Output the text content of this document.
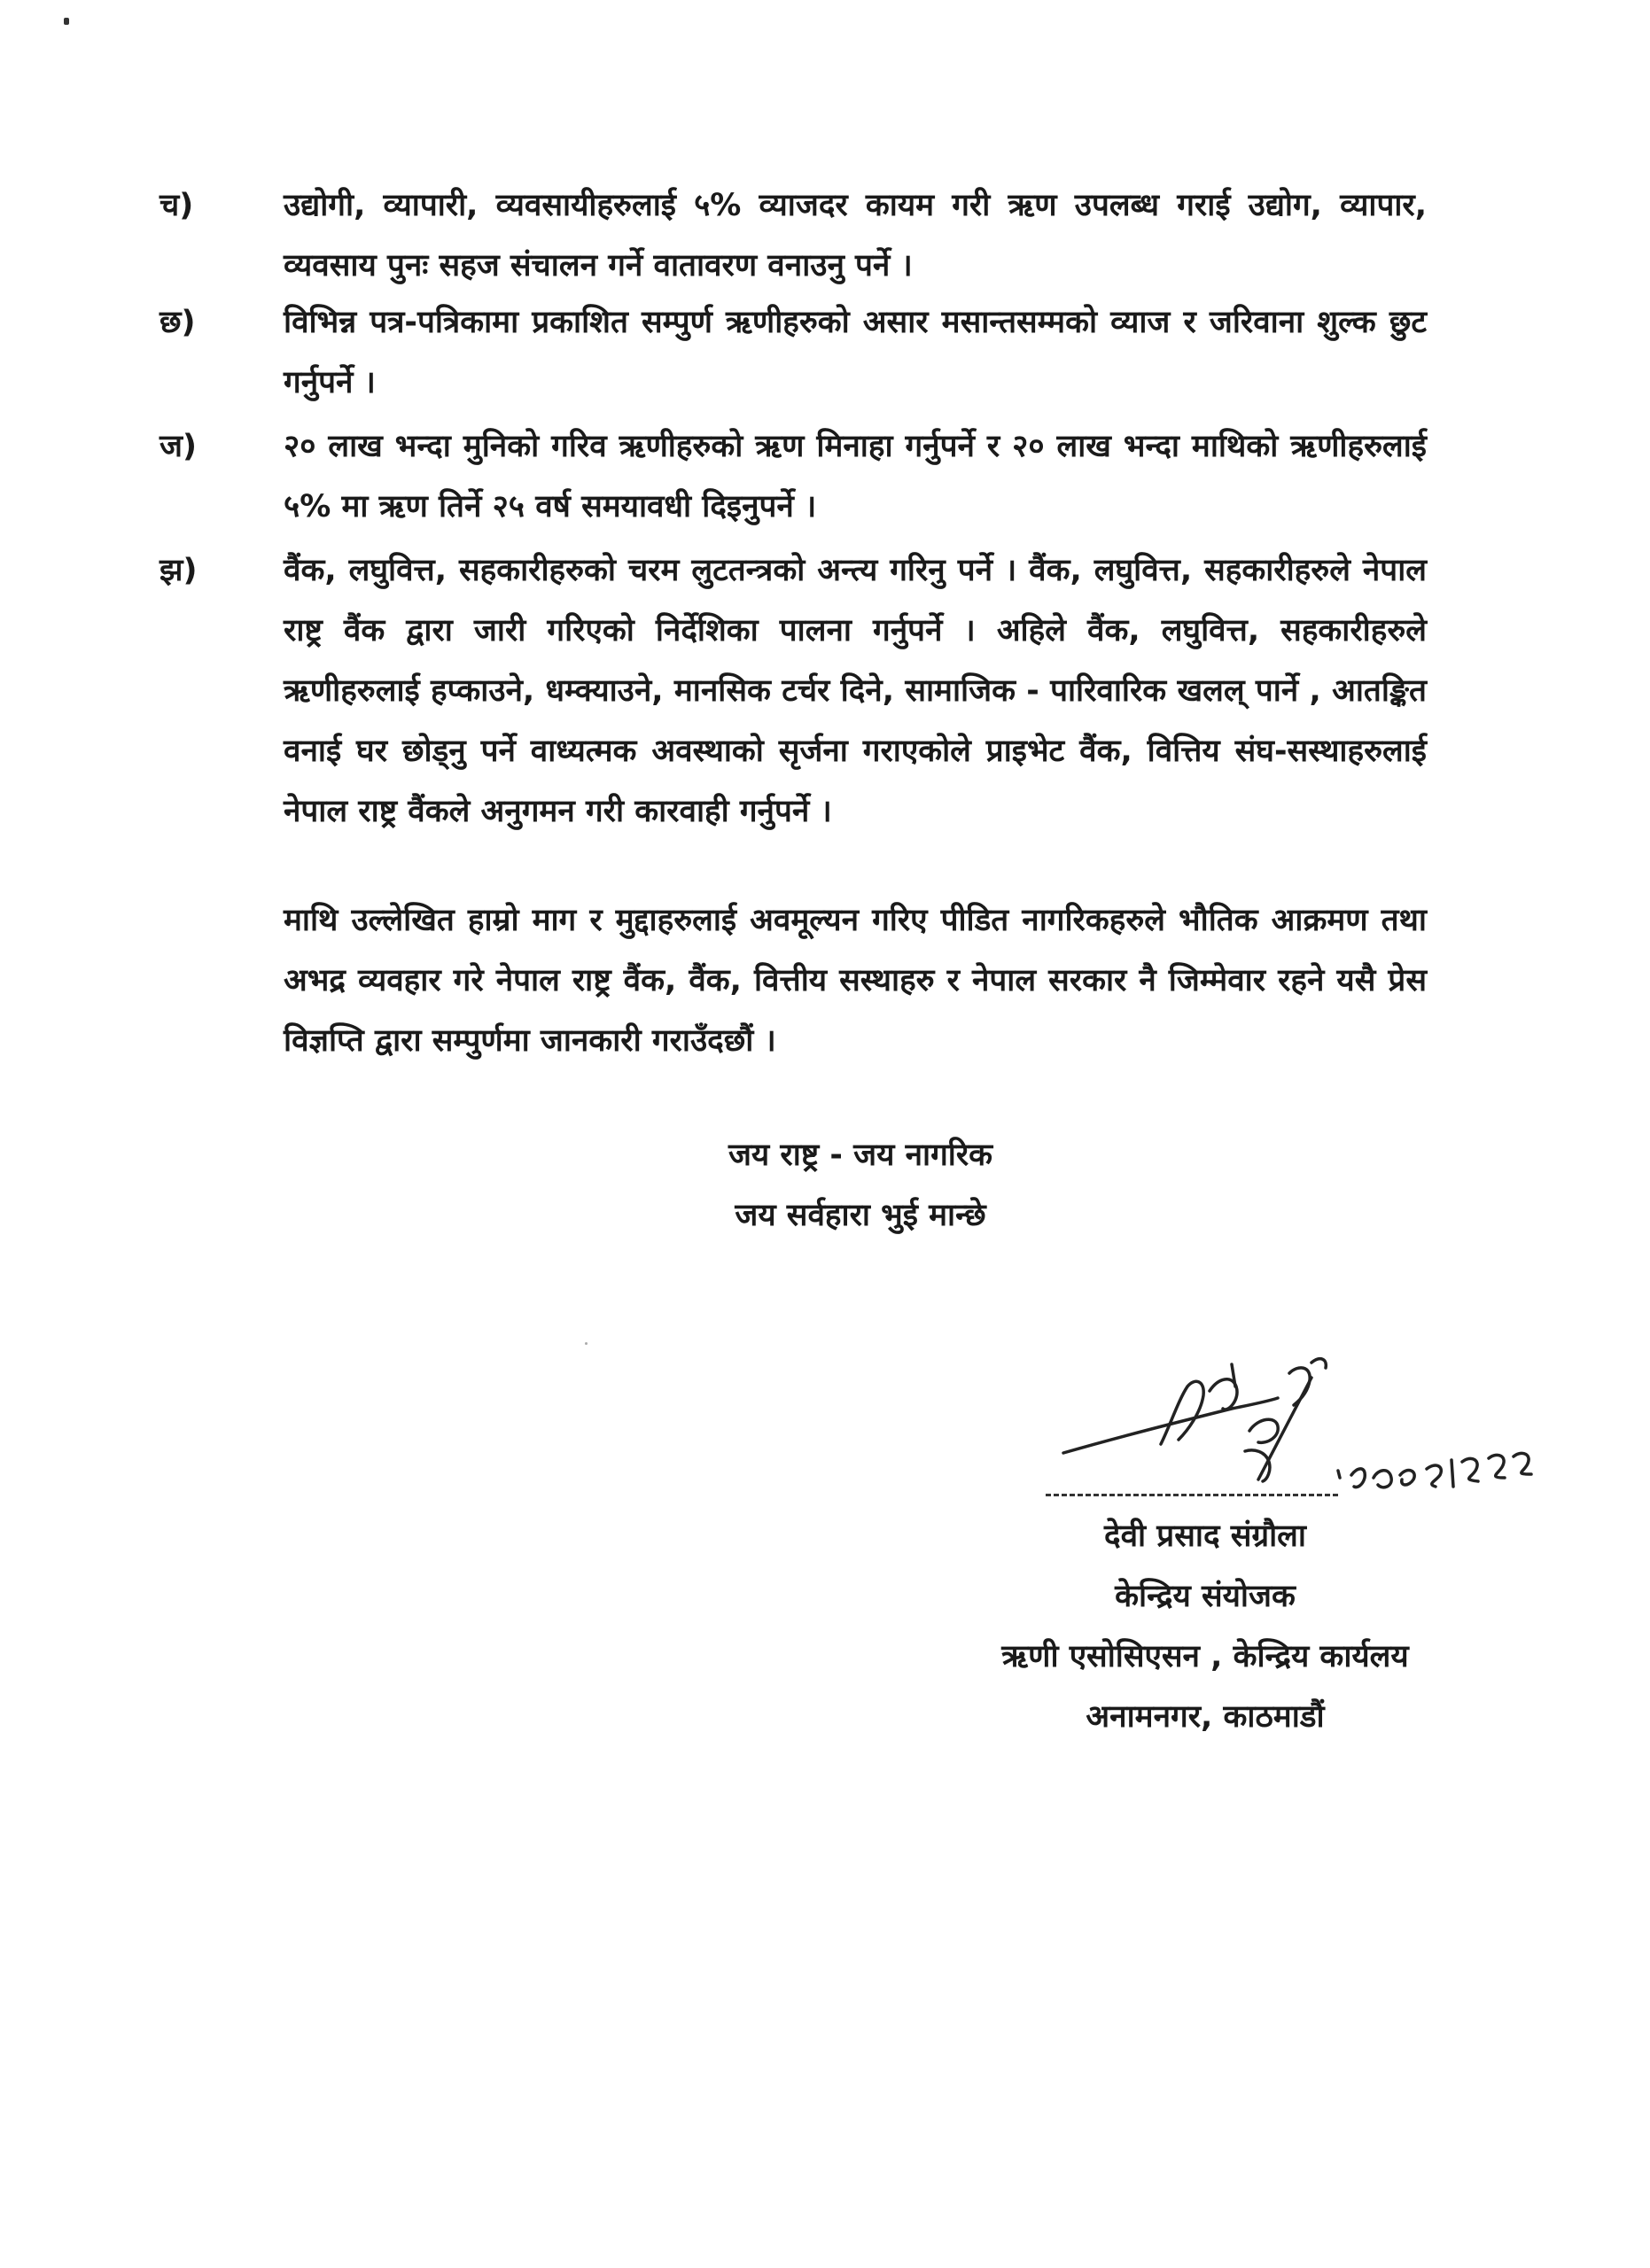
च)	उद्योगी, व्यापारी, व्यवसायीहरुलाई ५% व्याजदर कायम गरी ऋण उपलब्ध गराई उद्योग, व्यापार, व्यवसाय पुनः सहज संचालन गर्ने वातावरण वनाउनु पर्ने ।

छ)	विभिन्न पत्र-पत्रिकामा प्रकाशित सम्पुर्ण ऋणीहरुको असार मसान्तसम्मको व्याज र जरिवाना शुल्क छुट गर्नुपर्ने ।

ज)	२० लाख भन्दा मुनिको गरिव ऋणीहरुको ऋण मिनाहा गर्नुपर्ने र २० लाख भन्दा माथिको ऋणीहरुलाई ५% मा ऋण तिर्ने २५ वर्ष समयावधी दिइनुपर्ने ।

झ)	वैंक, लघुवित्त, सहकारीहरुको चरम लुटतन्त्रको अन्त्य गरिनु पर्ने । वैंक, लघुवित्त, सहकारीहरुले नेपाल राष्ट्र वैंक द्वारा जारी गरिएको निर्देशिका पालना गर्नुपर्ने । अहिले वैंक, लघुवित्त, सहकारीहरुले ऋणीहरुलाई हप्काउने, धम्क्याउने, मानसिक टर्चर दिने, सामाजिक - पारिवारिक खलल् पार्ने , आतङ्कित वनाई घर छोड्नु पर्ने वाध्यत्मक अवस्थाको सृर्जना गराएकोले प्राइभेट वैंक, वित्तिय संघ-सस्थाहरुलाई नेपाल राष्ट्र वैंकले अनुगमन गरी कारवाही गर्नुपर्ने ।

माथि उल्लेखित हाम्रो माग र मुद्दाहरुलाई अवमूल्यन गरिए पीडित नागरिकहरुले भौतिक आक्रमण तथा अभद्र व्यवहार गरे नेपाल राष्ट्र वैंक, वैंक, वित्तीय सस्थाहरु र नेपाल सरकार नै जिम्मेवार रहने यसै प्रेस विज्ञप्ति द्वारा सम्पुर्णमा जानकारी गराउँदछौं ।

जय राष्ट्र - जय नागरिक
जय सर्वहारा भुई मान्छे
देवी प्रसाद संग्रौला
केन्द्रिय संयोजक
ऋणी एसोसिएसन , केन्द्रिय कार्यलय
अनामनगर, काठमाडौं
